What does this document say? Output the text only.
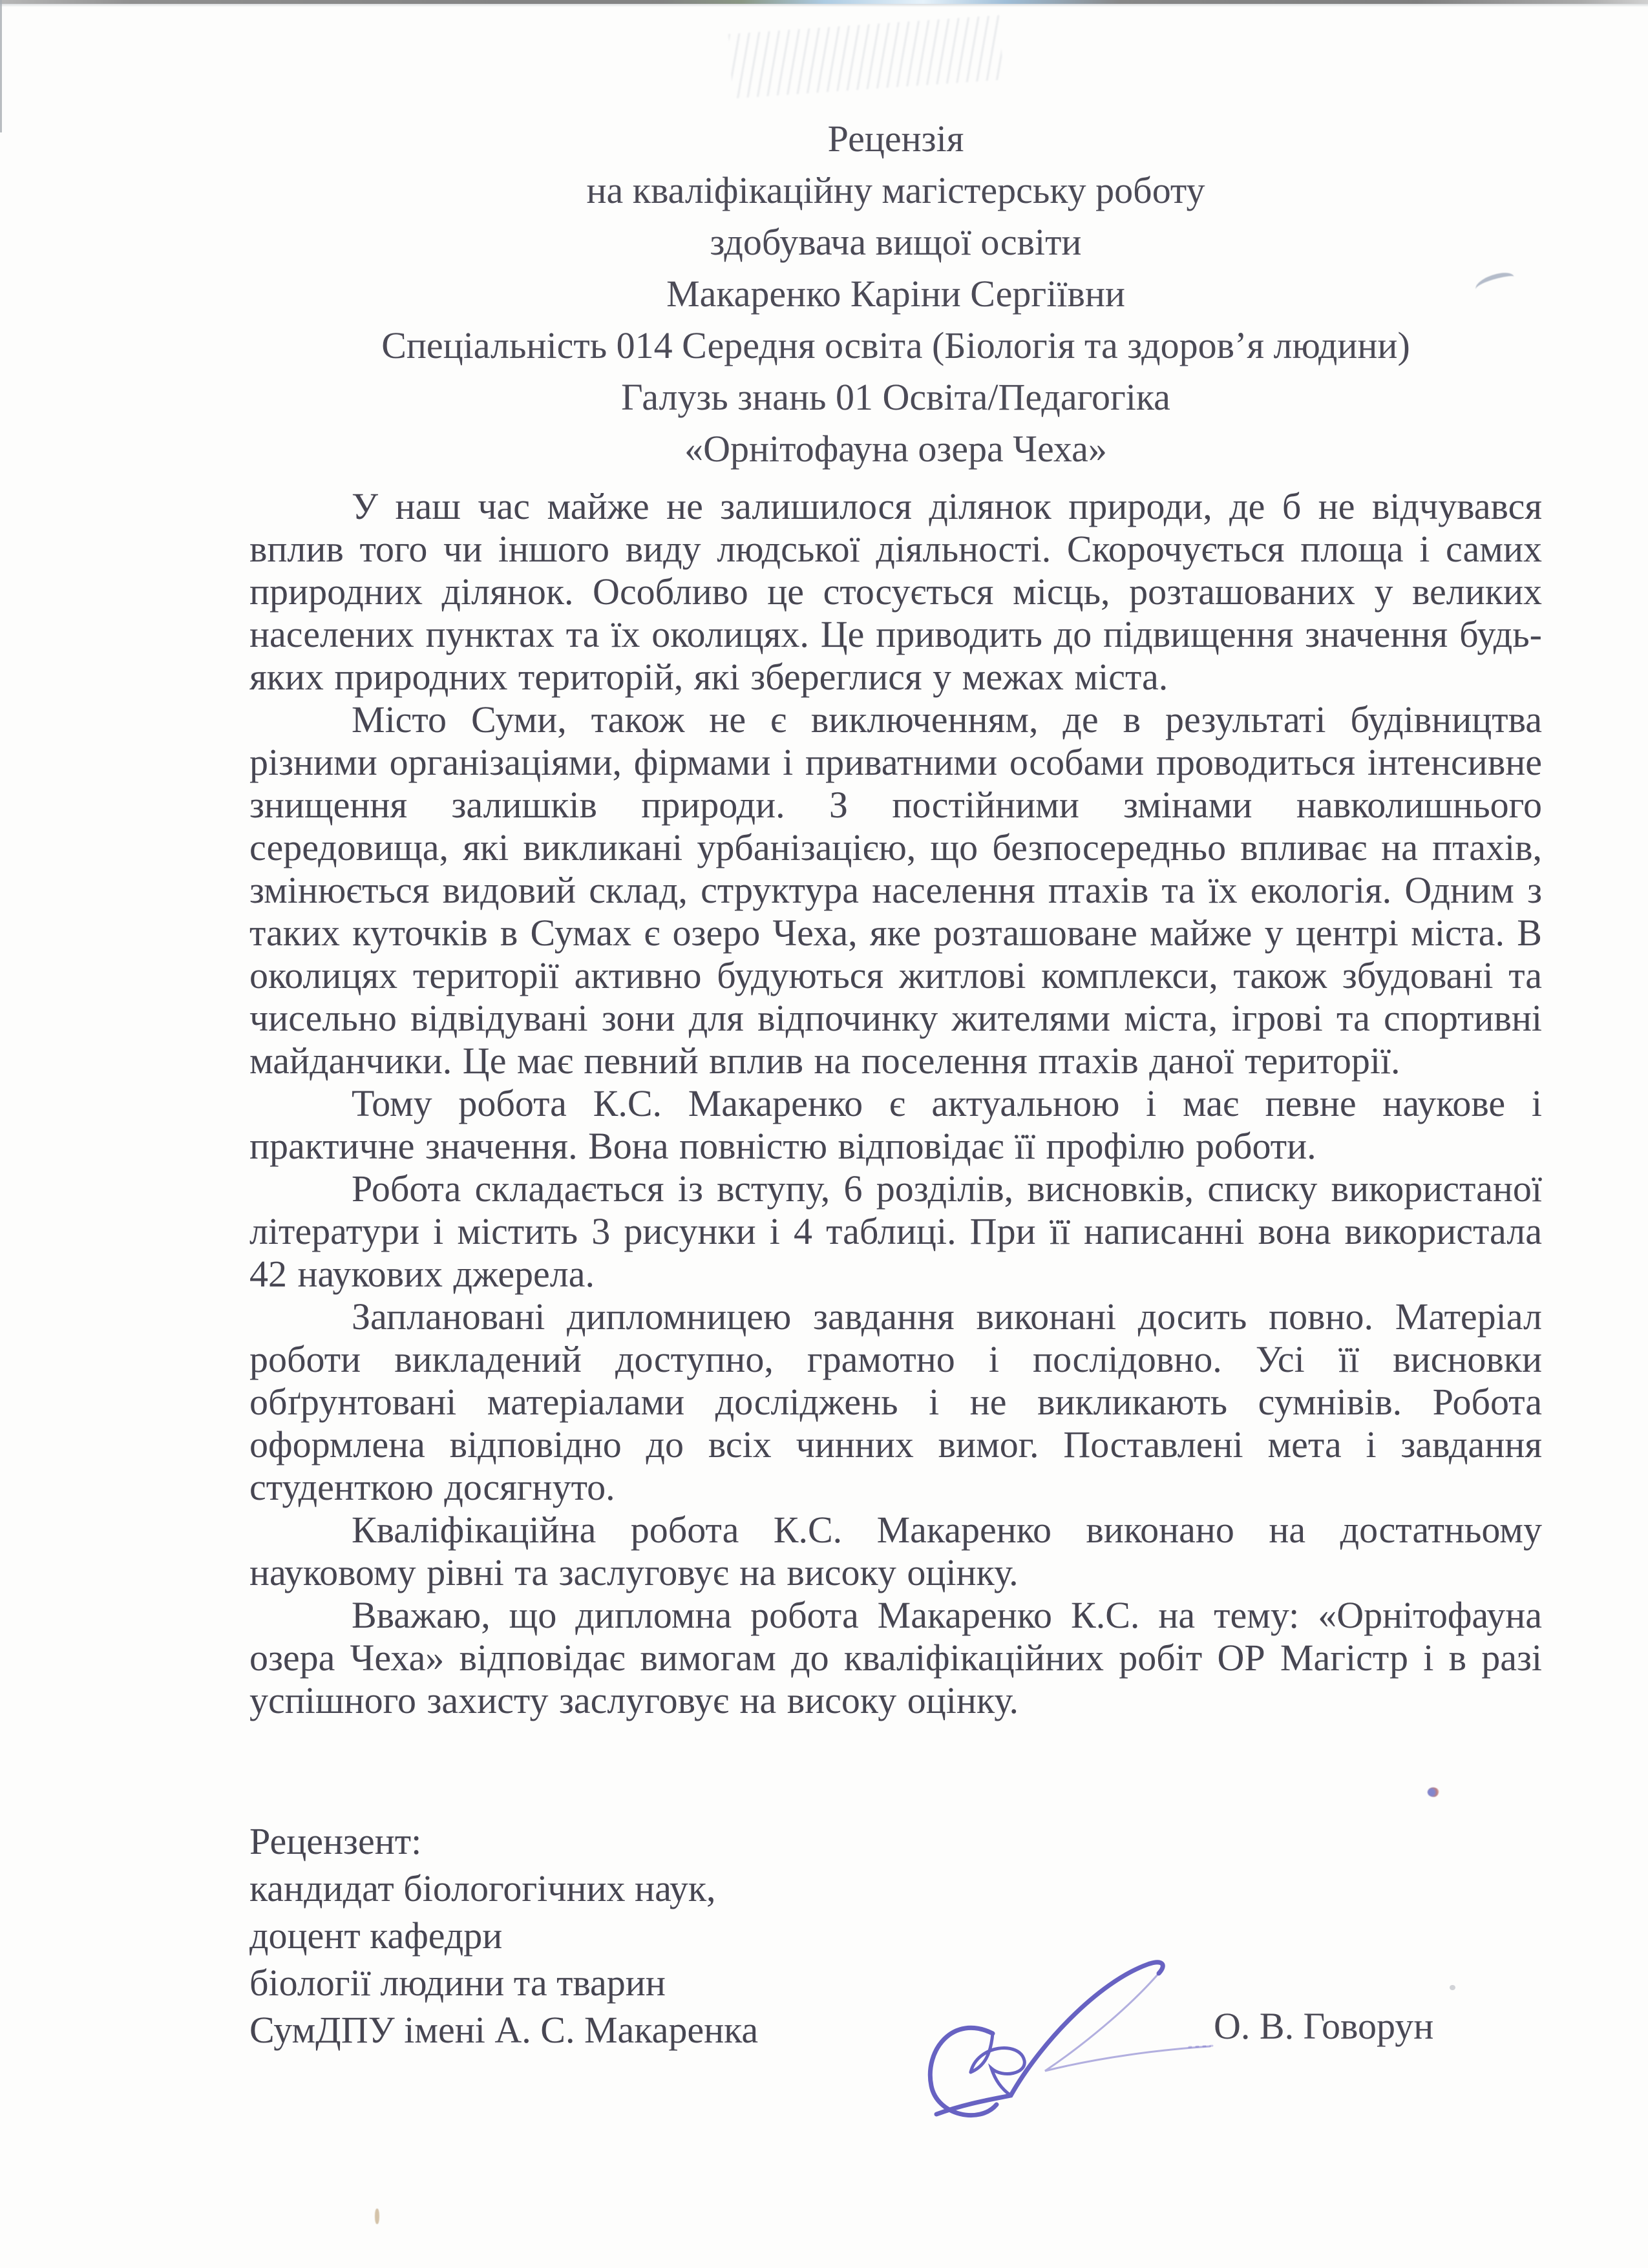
Рецензія
на кваліфікаційну магістерську роботу
здобувача вищої освіти
Макаренко Каріни Сергіївни
Спеціальність 014 Середня освіта (Біологія та здоров’я людини)
Галузь знань 01 Освіта/Педагогіка
«Орнітофауна озера Чеха»

У наш час майже не залишилося ділянок природи, де б не відчувався вплив того чи іншого виду людської діяльності. Скорочується площа і самих природних ділянок. Особливо це стосується місць, розташованих у великих населених пунктах та їх околицях. Це приводить до підвищення значення будь-яких природних територій, які збереглися у межах міста.

Місто Суми, також не є виключенням, де в результаті будівництва різними організаціями, фірмами і приватними особами проводиться інтенсивне знищення залишків природи. З постійними змінами навколишнього середовища, які викликані урбанізацією, що безпосередньо впливає на птахів, змінюється видовий склад, структура населення птахів та їх екологія. Одним з таких куточків в Сумах є озеро Чеха, яке розташоване майже у центрі міста. В околицях території активно будуються житлові комплекси, також збудовані та чисельно відвідувані зони для відпочинку жителями міста, ігрові та спортивні майданчики. Це має певний вплив на поселення птахів даної території.

Тому робота К.С. Макаренко є актуальною і має певне наукове і практичне значення. Вона повністю відповідає її профілю роботи.

Робота складається із вступу, 6 розділів, висновків, списку використаної літератури і містить 3 рисунки і 4 таблиці. При її написанні вона використала 42 наукових джерела.

Заплановані дипломницею завдання виконані досить повно. Матеріал роботи викладений доступно, грамотно і послідовно. Усі її висновки обґрунтовані матеріалами досліджень і не викликають сумнівів. Робота оформлена відповідно до всіх чинних вимог. Поставлені мета і завдання студенткою досягнуто.

Кваліфікаційна робота К.С. Макаренко виконано на достатньому науковому рівні та заслуговує на високу оцінку.

Вважаю, що дипломна робота Макаренко К.С. на тему: «Орнітофауна озера Чеха» відповідає вимогам до кваліфікаційних робіт ОР Магістр і в разі успішного захисту заслуговує на високу оцінку.

Рецензент:
кандидат біологогічних наук,
доцент кафедри
біології людини та тварин
СумДПУ імені А. С. Макаренка	О. В. Говорун
